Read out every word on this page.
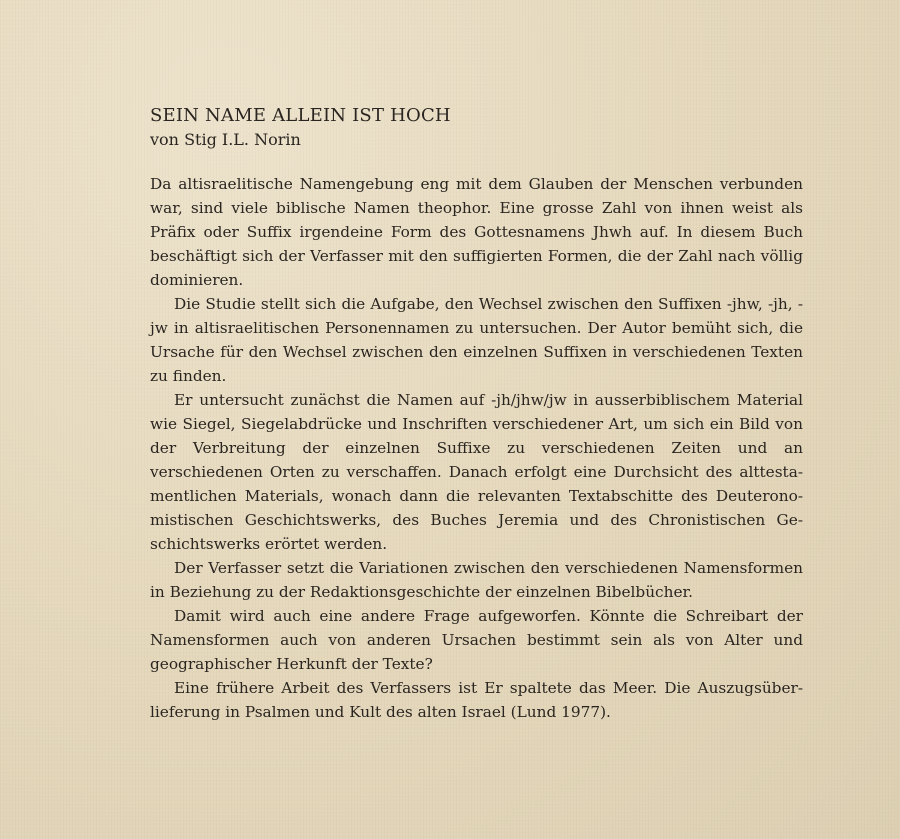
SEIN NAME ALLEIN IST HOCH

von Stig I.L. Norin

Da altisraelitische Namengebung eng mit dem Glauben der Menschen verbunden war, sind viele biblische Namen theophor. Eine grosse Zahl von ihnen weist als Präfix oder Suffix irgendeine Form des Gottesnamens Jhwh auf. In diesem Buch beschäftigt sich der Verfasser mit den suffigierten Formen, die der Zahl nach völlig dominieren.

Die Studie stellt sich die Aufgabe, den Wechsel zwischen den Suffixen -jhw, -jh, -jw in altisraelitischen Personennamen zu untersuchen. Der Autor bemüht sich, die Ursache für den Wechsel zwischen den einzelnen Suffixen in verschiedenen Texten zu finden.

Er untersucht zunächst die Namen auf -jh/jhw/jw in ausserbiblischem Material wie Siegel, Siegelabdrücke und Inschriften verschiedener Art, um sich ein Bild von der Verbreitung der einzelnen Suffixe zu verschiedenen Zeiten und an verschiedenen Orten zu verschaffen. Danach erfolgt eine Durchsicht des alttestamentlichen Materials, wonach dann die relevanten Textabschitte des Deuteronomistischen Geschichtswerks, des Buches Jeremia und des Chronistischen Geschichtswerks erörtet werden.

Der Verfasser setzt die Variationen zwischen den verschiedenen Namensformen in Beziehung zu der Redaktionsgeschichte der einzelnen Bibelbücher.

Damit wird auch eine andere Frage aufgeworfen. Könnte die Schreibart der Namensformen auch von anderen Ursachen bestimmt sein als von Alter und geographischer Herkunft der Texte?

Eine frühere Arbeit des Verfassers ist Er spaltete das Meer. Die Auszugsüberlieferung in Psalmen und Kult des alten Israel (Lund 1977).
